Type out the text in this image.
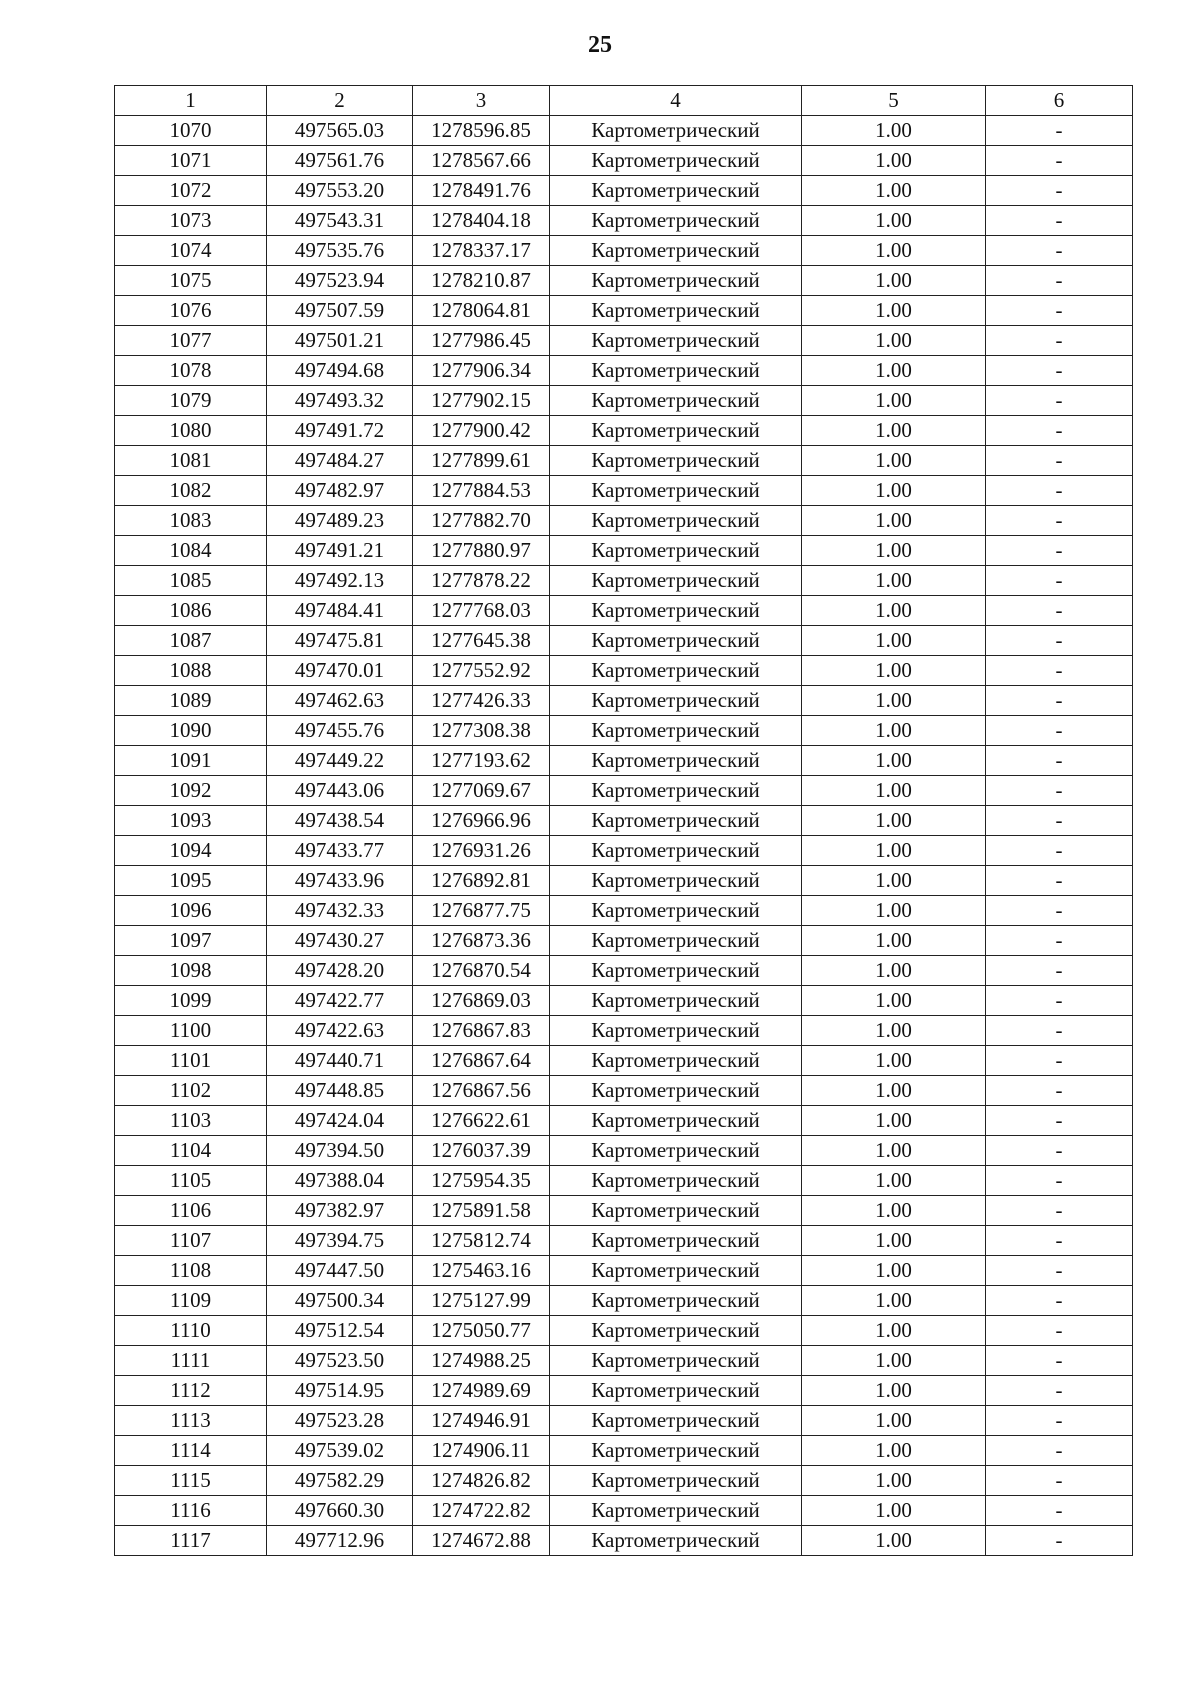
25
1	2	3	4	5	6
1070	497565.03	1278596.85	Картометрический	1.00	-
1071	497561.76	1278567.66	Картометрический	1.00	-
1072	497553.20	1278491.76	Картометрический	1.00	-
1073	497543.31	1278404.18	Картометрический	1.00	-
1074	497535.76	1278337.17	Картометрический	1.00	-
1075	497523.94	1278210.87	Картометрический	1.00	-
1076	497507.59	1278064.81	Картометрический	1.00	-
1077	497501.21	1277986.45	Картометрический	1.00	-
1078	497494.68	1277906.34	Картометрический	1.00	-
1079	497493.32	1277902.15	Картометрический	1.00	-
1080	497491.72	1277900.42	Картометрический	1.00	-
1081	497484.27	1277899.61	Картометрический	1.00	-
1082	497482.97	1277884.53	Картометрический	1.00	-
1083	497489.23	1277882.70	Картометрический	1.00	-
1084	497491.21	1277880.97	Картометрический	1.00	-
1085	497492.13	1277878.22	Картометрический	1.00	-
1086	497484.41	1277768.03	Картометрический	1.00	-
1087	497475.81	1277645.38	Картометрический	1.00	-
1088	497470.01	1277552.92	Картометрический	1.00	-
1089	497462.63	1277426.33	Картометрический	1.00	-
1090	497455.76	1277308.38	Картометрический	1.00	-
1091	497449.22	1277193.62	Картометрический	1.00	-
1092	497443.06	1277069.67	Картометрический	1.00	-
1093	497438.54	1276966.96	Картометрический	1.00	-
1094	497433.77	1276931.26	Картометрический	1.00	-
1095	497433.96	1276892.81	Картометрический	1.00	-
1096	497432.33	1276877.75	Картометрический	1.00	-
1097	497430.27	1276873.36	Картометрический	1.00	-
1098	497428.20	1276870.54	Картометрический	1.00	-
1099	497422.77	1276869.03	Картометрический	1.00	-
1100	497422.63	1276867.83	Картометрический	1.00	-
1101	497440.71	1276867.64	Картометрический	1.00	-
1102	497448.85	1276867.56	Картометрический	1.00	-
1103	497424.04	1276622.61	Картометрический	1.00	-
1104	497394.50	1276037.39	Картометрический	1.00	-
1105	497388.04	1275954.35	Картометрический	1.00	-
1106	497382.97	1275891.58	Картометрический	1.00	-
1107	497394.75	1275812.74	Картометрический	1.00	-
1108	497447.50	1275463.16	Картометрический	1.00	-
1109	497500.34	1275127.99	Картометрический	1.00	-
1110	497512.54	1275050.77	Картометрический	1.00	-
1111	497523.50	1274988.25	Картометрический	1.00	-
1112	497514.95	1274989.69	Картометрический	1.00	-
1113	497523.28	1274946.91	Картометрический	1.00	-
1114	497539.02	1274906.11	Картометрический	1.00	-
1115	497582.29	1274826.82	Картометрический	1.00	-
1116	497660.30	1274722.82	Картометрический	1.00	-
1117	497712.96	1274672.88	Картометрический	1.00	-
